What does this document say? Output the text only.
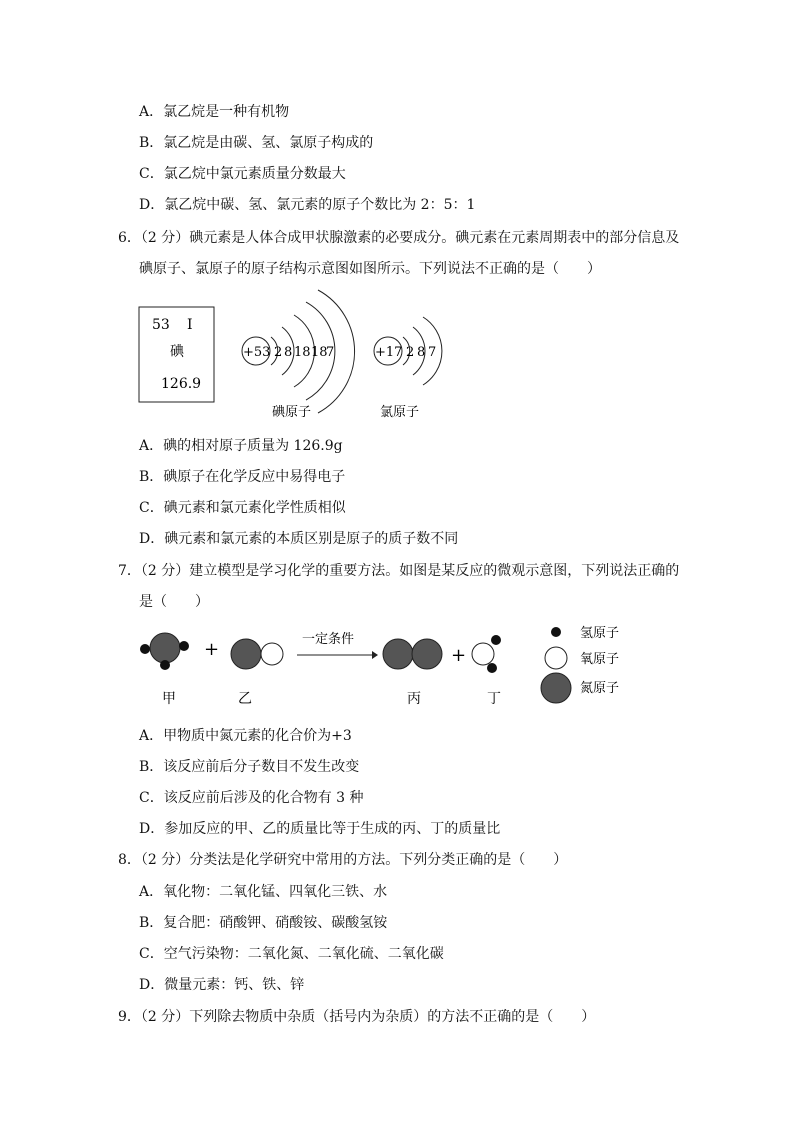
A．氯乙烷是一种有机物
B．氯乙烷是由碳、氢、氯原子构成的
C．氯乙烷中氯元素质量分数最大
D．氯乙烷中碳、氢、氯元素的原子个数比为 2：5：1
6．（2 分）碘元素是人体合成甲状腺激素的必要成分。碘元素在元素周期表中的部分信息及
碘原子、氯原子的原子结构示意图如图所示。下列说法不正确的是（　　）
53 I
碘
126.9
+53 2 8 18 18
7
碘原子
+17 2 8 7
氯原子
A．碘的相对原子质量为 126.9g
B．碘原子在化学反应中易得电子
C．碘元素和氯元素化学性质相似
D．碘元素和氯元素的本质区别是原子的质子数不同
7．（2 分）建立模型是学习化学的重要方法。如图是某反应的微观示意图，下列说法正确的
是（　　）
+	一定条件
+
甲	乙	丙	丁
氢原子
氧原子
氮原子
A．甲物质中氮元素的化合价为+3
B．该反应前后分子数目不发生改变
C．该反应前后涉及的化合物有 3 种
D．参加反应的甲、乙的质量比等于生成的丙、丁的质量比
8．（2 分）分类法是化学研究中常用的方法。下列分类正确的是（　　）
A．氧化物：二氧化锰、四氧化三铁、水
B．复合肥：硝酸钾、硝酸铵、碳酸氢铵
C．空气污染物：二氧化氮、二氧化硫、二氧化碳
D．微量元素：钙、铁、锌
9．（2 分）下列除去物质中杂质（括号内为杂质）的方法不正确的是（　　）
